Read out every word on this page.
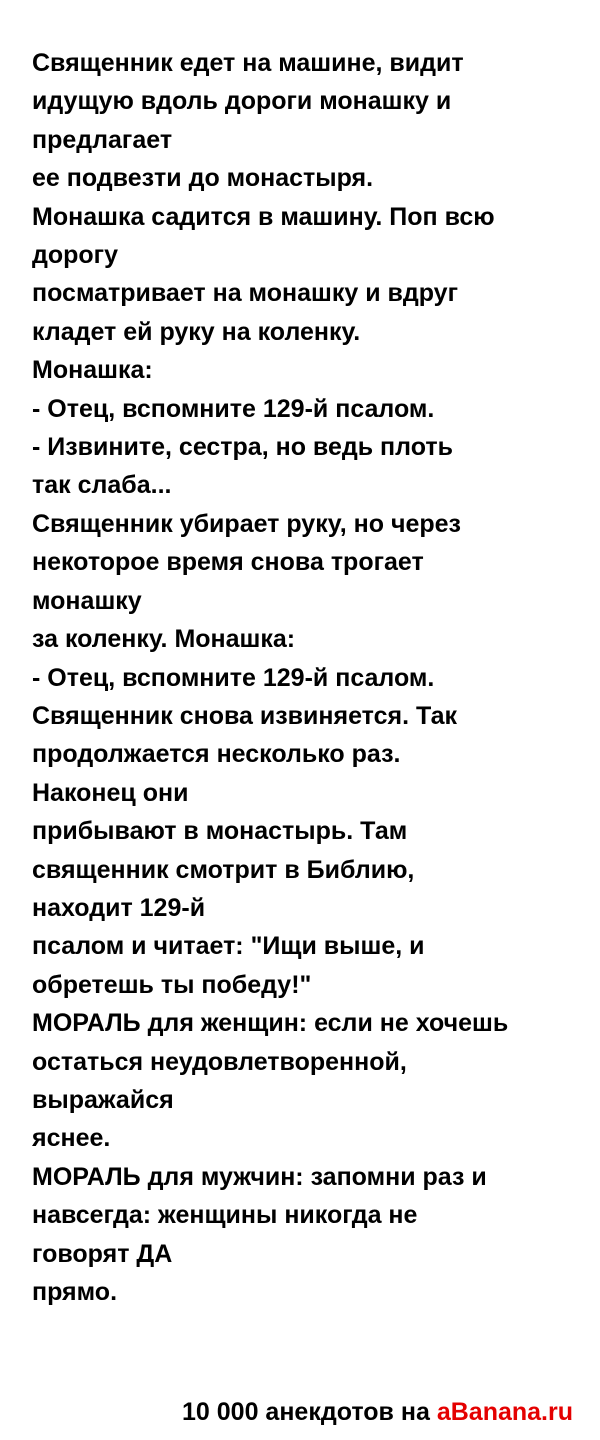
Священник едет на машине, видит
идущую вдоль дороги монашку и
предлагает
ее подвезти до монастыря.
Монашка садится в машину. Поп всю
дорогу
посматривает на монашку и вдруг
кладет ей руку на коленку.
Монашка:
- Отец, вспомните 129-й псалом.
- Извините, сестра, но ведь плоть
так слаба...
Священник убирает руку, но через
некоторое время снова трогает
монашку
за коленку. Монашка:
- Отец, вспомните 129-й псалом.
Священник снова извиняется. Так
продолжается несколько раз.
Наконец они
прибывают в монастырь. Там
священник смотрит в Библию,
находит 129-й
псалом и читает: "Ищи выше, и
обретешь ты победу!"
МОРАЛЬ для женщин: если не хочешь
остаться неудовлетворенной,
выражайся
яснее.
МОРАЛЬ для мужчин: запомни раз и
навсегда: женщины никогда не
говорят ДА
прямо.
10 000 анекдотов на aBanana.ru
